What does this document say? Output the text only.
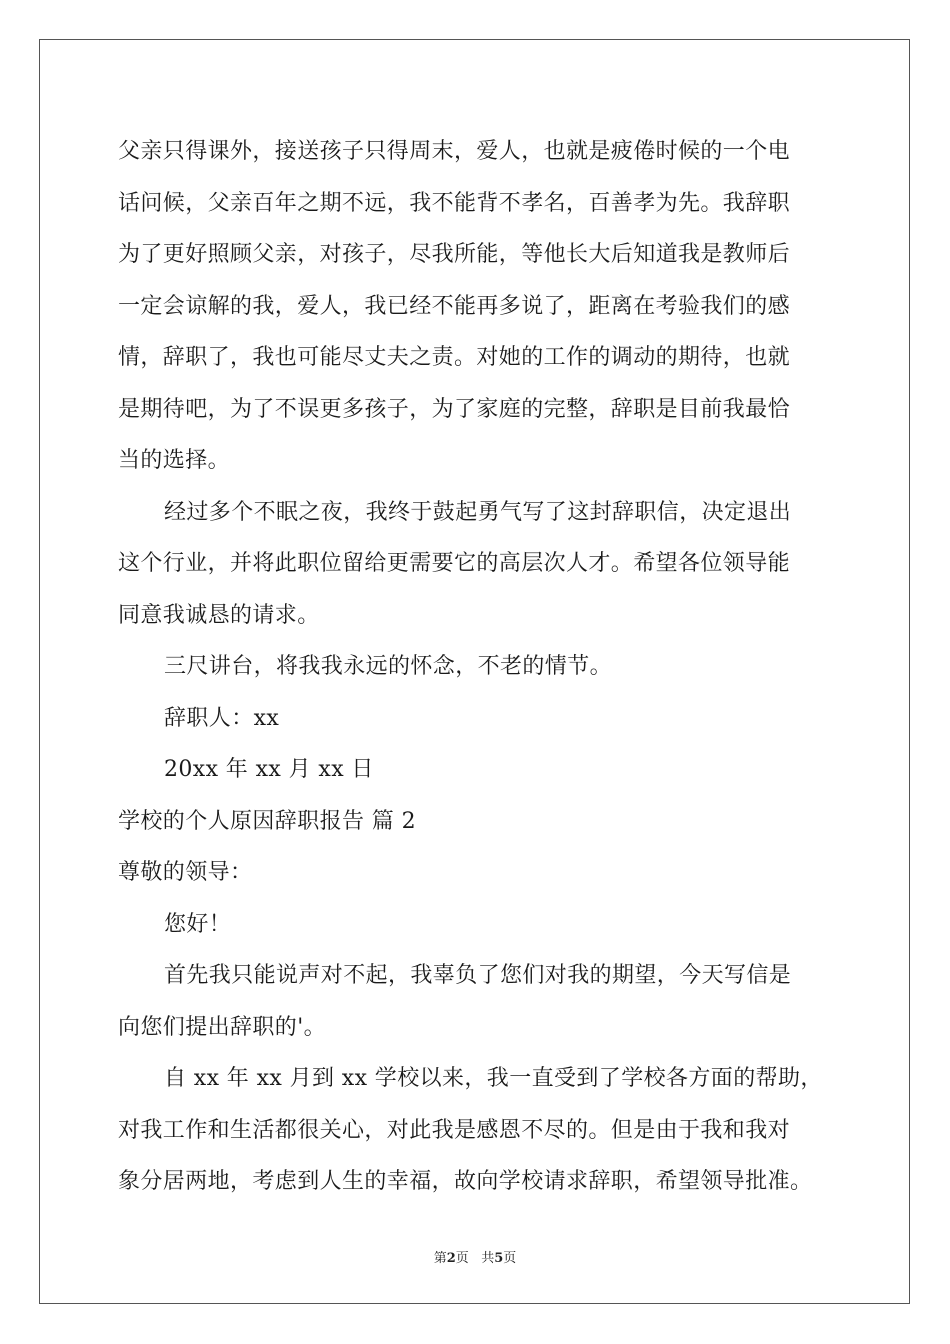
父亲只得课外，接送孩子只得周末，爱人，也就是疲倦时候的一个电
话问候，父亲百年之期不远，我不能背不孝名，百善孝为先。我辞职
为了更好照顾父亲，对孩子，尽我所能，等他长大后知道我是教师后
一定会谅解的我，爱人，我已经不能再多说了，距离在考验我们的感
情，辞职了，我也可能尽丈夫之责。对她的工作的调动的期待，也就
是期待吧，为了不误更多孩子，为了家庭的完整，辞职是目前我最恰
当的选择。
经过多个不眠之夜，我终于鼓起勇气写了这封辞职信，决定退出
这个行业，并将此职位留给更需要它的高层次人才。希望各位领导能
同意我诚恳的请求。
三尺讲台，将我我永远的怀念，不老的情节。
辞职人：xx
20xx 年 xx 月 xx 日
学校的个人原因辞职报告 篇 2
尊敬的领导：
您好！
首先我只能说声对不起，我辜负了您们对我的期望，今天写信是
向您们提出辞职的'。
自 xx 年 xx 月到 xx 学校以来，我一直受到了学校各方面的帮助，
对我工作和生活都很关心，对此我是感恩不尽的。但是由于我和我对
象分居两地，考虑到人生的幸福，故向学校请求辞职，希望领导批准。
第2页 共5页
